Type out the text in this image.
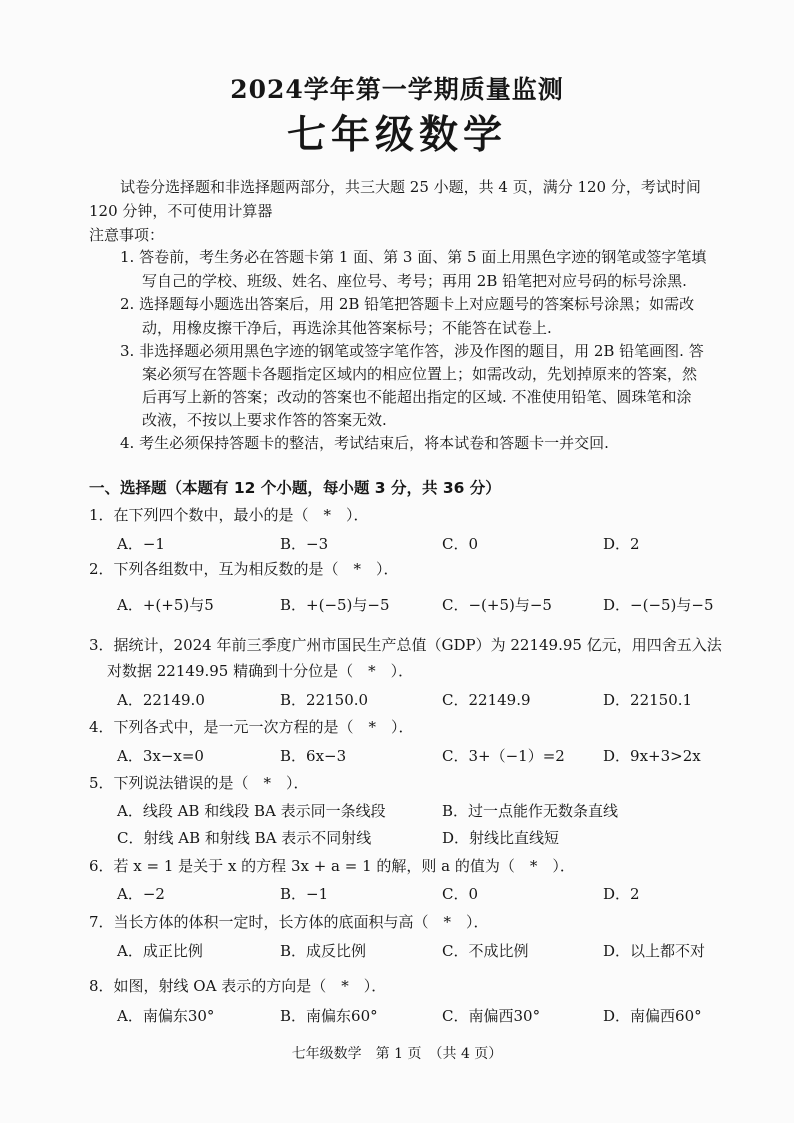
2024学年第一学期质量监测
七年级数学
试卷分选择题和非选择题两部分，共三大题 25 小题，共 4 页，满分 120 分，考试时间
120 分钟，不可使用计算器
注意事项：
1. 答卷前，考生务必在答题卡第 1 面、第 3 面、第 5 面上用黑色字迹的钢笔或签字笔填
写自己的学校、班级、姓名、座位号、考号；再用 2B 铅笔把对应号码的标号涂黑.
2. 选择题每小题选出答案后，用 2B 铅笔把答题卡上对应题号的答案标号涂黑；如需改
动，用橡皮擦干净后，再选涂其他答案标号；不能答在试卷上.
3. 非选择题必须用黑色字迹的钢笔或签字笔作答，涉及作图的题目，用 2B 铅笔画图. 答
案必须写在答题卡各题指定区域内的相应位置上；如需改动，先划掉原来的答案，然
后再写上新的答案；改动的答案也不能超出指定的区域. 不准使用铅笔、圆珠笔和涂
改液，不按以上要求作答的答案无效.
4. 考生必须保持答题卡的整洁，考试结束后，将本试卷和答题卡一并交回.
一、选择题（本题有 12 个小题，每小题 3 分，共 36 分）
1．在下列四个数中，最小的是（　*　）．
A．−1	B．−3	C．0	D．2
2．下列各组数中，互为相反数的是（　*　）．
A．+(+5)与5	B．+(−5)与−5	C．−(+5)与−5	D．−(−5)与−5
3．据统计，2024 年前三季度广州市国民生产总值（GDP）为 22149.95 亿元，用四舍五入法
对数据 22149.95 精确到十分位是（　*　）．
A．22149.0	B．22150.0	C．22149.9	D．22150.1
4．下列各式中，是一元一次方程的是（　*　）．
A．3x−x=0	B．6x−3	C．3+（−1）=2	D．9x+3>2x
5．下列说法错误的是（　*　）．
A．线段 AB 和线段 BA 表示同一条线段	B．过一点能作无数条直线
C．射线 AB 和射线 BA 表示不同射线	D．射线比直线短
6．若 x = 1 是关于 x 的方程 3x + a = 1 的解，则 a 的值为（　*　）．
A．−2	B．−1	C．0	D．2
7．当长方体的体积一定时，长方体的底面积与高（　*　）．
A．成正比例	B．成反比例	C．不成比例	D．以上都不对
8．如图，射线 OA 表示的方向是（　*　）．
A．南偏东30°	B．南偏东60°	C．南偏西30°	D．南偏西60°
七年级数学　第 1 页　（共 4 页）
